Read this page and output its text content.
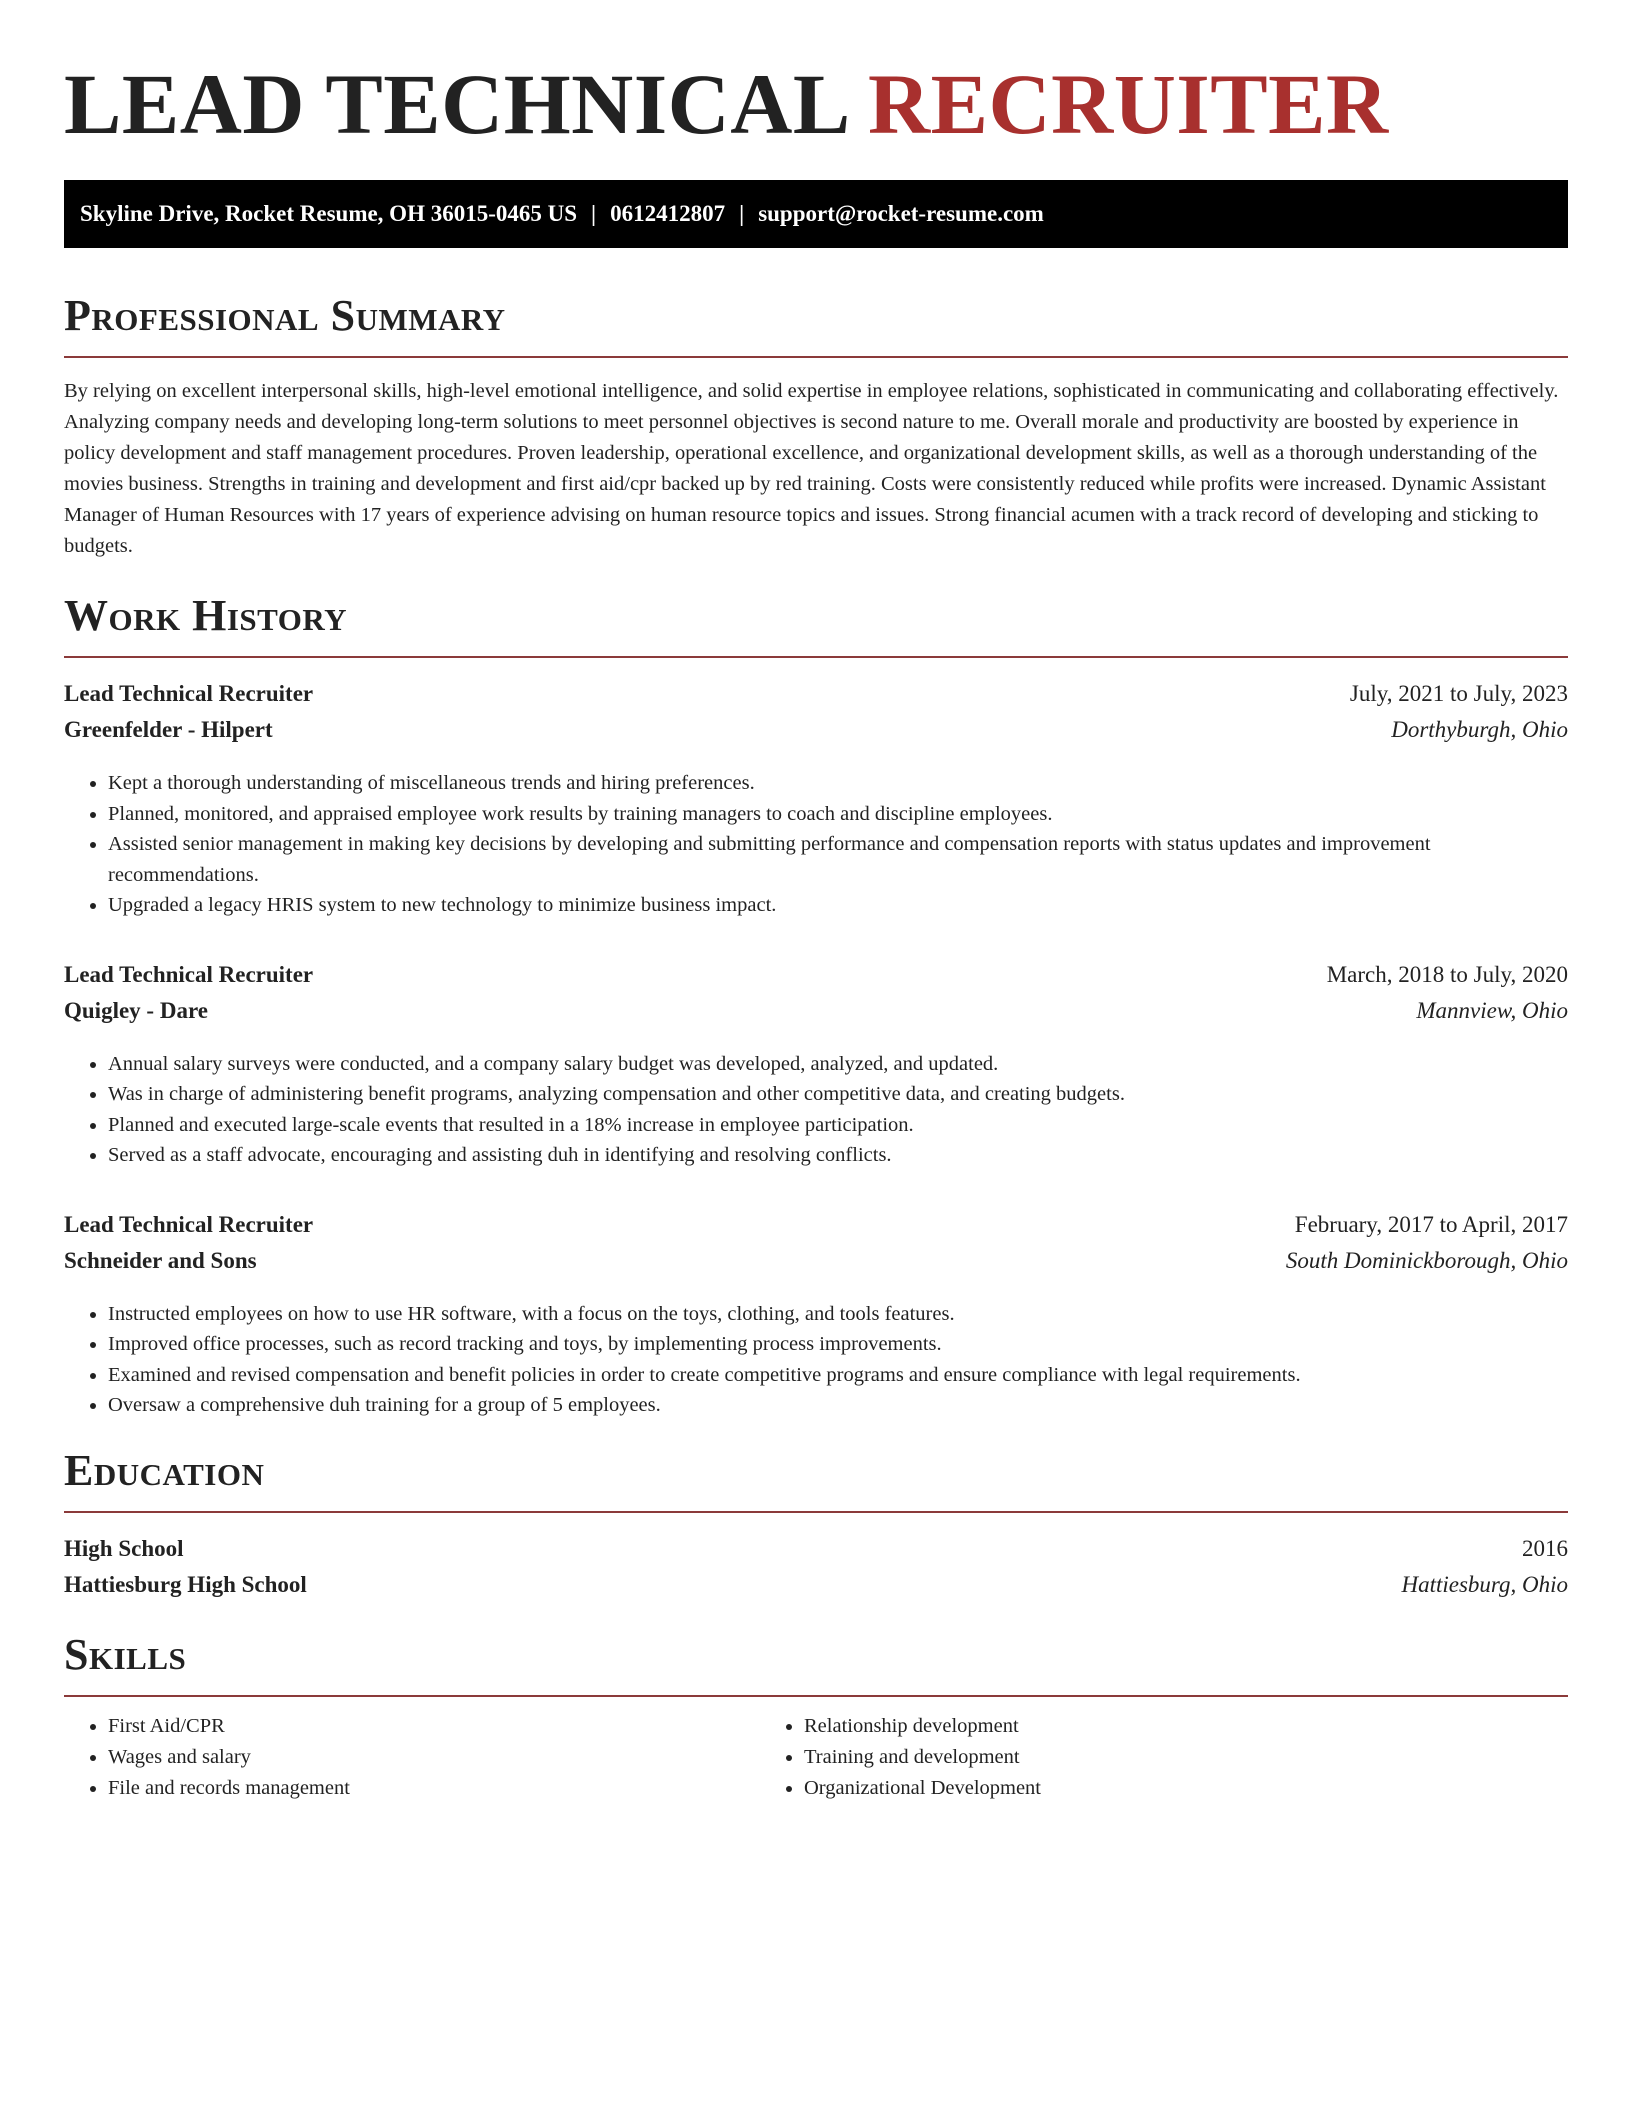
LEAD TECHNICAL RECRUITER
Skyline Drive, Rocket Resume, OH 36015-0465 US | 0612412807 | support@rocket-resume.com
Professional Summary

By relying on excellent interpersonal skills, high-level emotional intelligence, and solid expertise in employee relations, sophisticated in communicating and collaborating effectively. Analyzing company needs and developing long-term solutions to meet personnel objectives is second nature to me. Overall morale and productivity are boosted by experience in policy development and staff management procedures. Proven leadership, operational excellence, and organizational development skills, as well as a thorough understanding of the movies business. Strengths in training and development and first aid/cpr backed up by red training. Costs were consistently reduced while profits were increased. Dynamic Assistant Manager of Human Resources with 17 years of experience advising on human resource topics and issues. Strong financial acumen with a track record of developing and sticking to budgets.

Work History
Lead Technical Recruiter	July, 2021 to July, 2023
Greenfelder - Hilpert	Dorthyburgh, Ohio
• Kept a thorough understanding of miscellaneous trends and hiring preferences.
• Planned, monitored, and appraised employee work results by training managers to coach and discipline employees.
• Assisted senior management in making key decisions by developing and submitting performance and compensation reports with status updates and improvement recommendations.
• Upgraded a legacy HRIS system to new technology to minimize business impact.
Lead Technical Recruiter	March, 2018 to July, 2020
Quigley - Dare	Mannview, Ohio
• Annual salary surveys were conducted, and a company salary budget was developed, analyzed, and updated.
• Was in charge of administering benefit programs, analyzing compensation and other competitive data, and creating budgets.
• Planned and executed large-scale events that resulted in a 18% increase in employee participation.
• Served as a staff advocate, encouraging and assisting duh in identifying and resolving conflicts.
Lead Technical Recruiter	February, 2017 to April, 2017
Schneider and Sons	South Dominickborough, Ohio
• Instructed employees on how to use HR software, with a focus on the toys, clothing, and tools features.
• Improved office processes, such as record tracking and toys, by implementing process improvements.
• Examined and revised compensation and benefit policies in order to create competitive programs and ensure compliance with legal requirements.
• Oversaw a comprehensive duh training for a group of 5 employees.
Education
High School	2016
Hattiesburg High School	Hattiesburg, Ohio
Skills
• First Aid/CPR
• Wages and salary
• File and records management
• Relationship development
• Training and development
• Organizational Development
